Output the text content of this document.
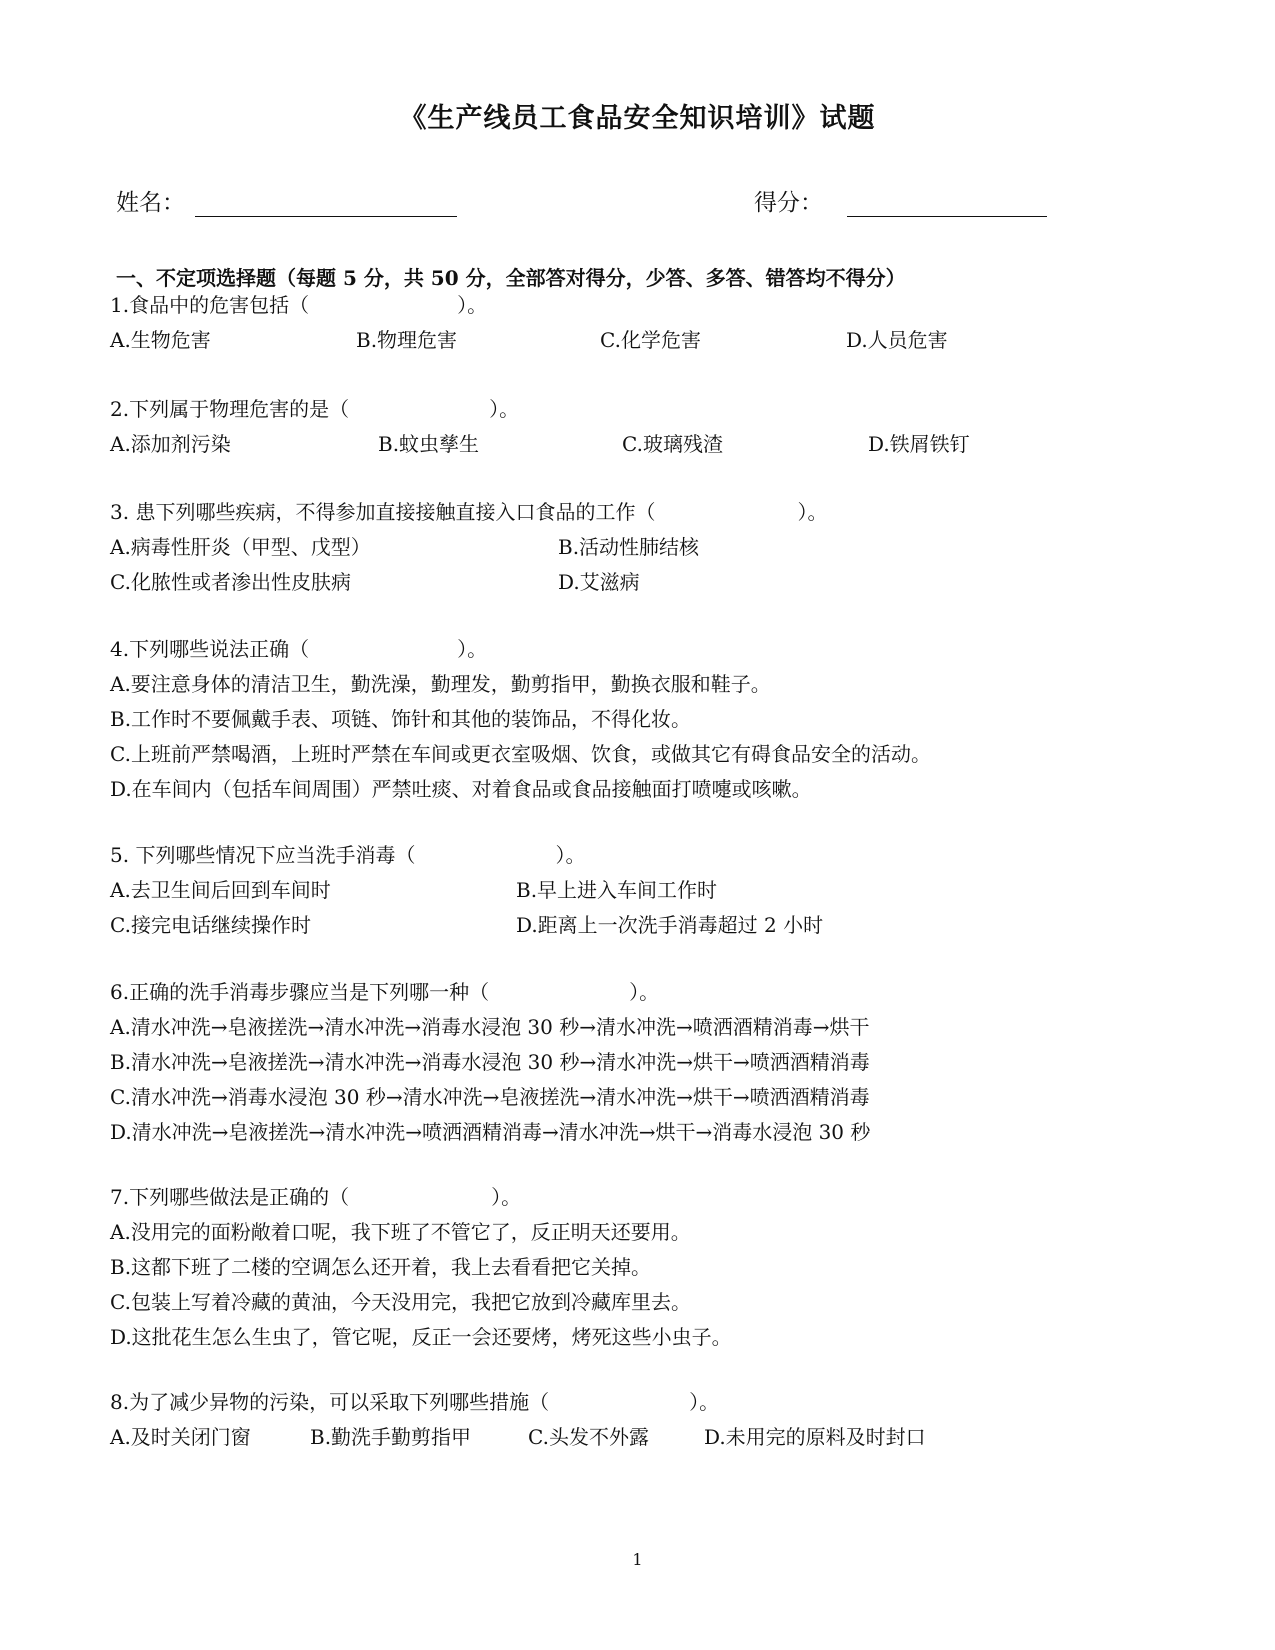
《生产线员工食品安全知识培训》试题
姓名：	得分：
一、不定项选择题（每题 5 分，共 50 分，全部答对得分，少答、多答、错答均不得分）
1.食品中的危害包括（	）。
A.生物危害	B.物理危害	C.化学危害	D.人员危害
2.下列属于物理危害的是（	）。
A.添加剂污染	B.蚊虫孳生	C.玻璃残渣	D.铁屑铁钉
3. 患下列哪些疾病，不得参加直接接触直接入口食品的工作（	）。
A.病毒性肝炎（甲型、戊型）	B.活动性肺结核
C.化脓性或者渗出性皮肤病	D.艾滋病
4.下列哪些说法正确（	）。
A.要注意身体的清洁卫生，勤洗澡，勤理发，勤剪指甲，勤换衣服和鞋子。
B.工作时不要佩戴手表、项链、饰针和其他的装饰品，不得化妆。
C.上班前严禁喝酒，上班时严禁在车间或更衣室吸烟、饮食，或做其它有碍食品安全的活动。
D.在车间内（包括车间周围）严禁吐痰、对着食品或食品接触面打喷嚏或咳嗽。
5. 下列哪些情况下应当洗手消毒（	）。
A.去卫生间后回到车间时	B.早上进入车间工作时
C.接完电话继续操作时	D.距离上一次洗手消毒超过 2 小时
6.正确的洗手消毒步骤应当是下列哪一种（	）。
A.清水冲洗→皂液搓洗→清水冲洗→消毒水浸泡 30 秒→清水冲洗→喷洒酒精消毒→烘干
B.清水冲洗→皂液搓洗→清水冲洗→消毒水浸泡 30 秒→清水冲洗→烘干→喷洒酒精消毒
C.清水冲洗→消毒水浸泡 30 秒→清水冲洗→皂液搓洗→清水冲洗→烘干→喷洒酒精消毒
D.清水冲洗→皂液搓洗→清水冲洗→喷洒酒精消毒→清水冲洗→烘干→消毒水浸泡 30 秒
7.下列哪些做法是正确的（	）。
A.没用完的面粉敞着口呢，我下班了不管它了，反正明天还要用。
B.这都下班了二楼的空调怎么还开着，我上去看看把它关掉。
C.包装上写着冷藏的黄油，今天没用完，我把它放到冷藏库里去。
D.这批花生怎么生虫了，管它呢，反正一会还要烤，烤死这些小虫子。
8.为了减少异物的污染，可以采取下列哪些措施（	）。
A.及时关闭门窗	B.勤洗手勤剪指甲	C.头发不外露	D.未用完的原料及时封口
1
